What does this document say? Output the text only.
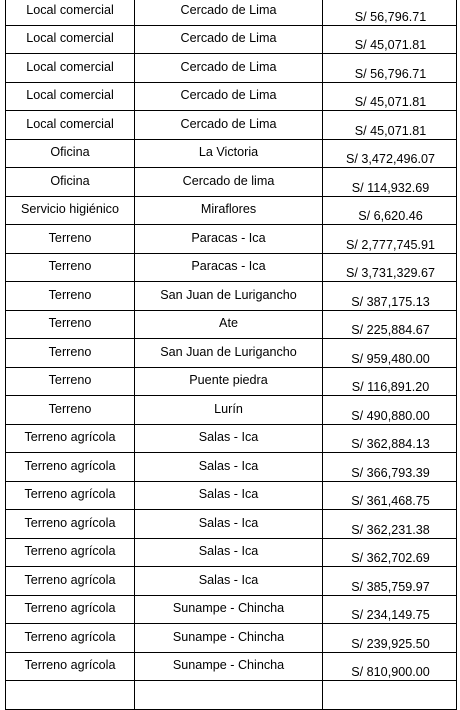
Local comercial	Cercado de Lima	S/ 56,796.71
Local comercial	Cercado de Lima	S/ 45,071.81
Local comercial	Cercado de Lima	S/ 56,796.71
Local comercial	Cercado de Lima	S/ 45,071.81
Local comercial	Cercado de Lima	S/ 45,071.81
Oficina	La Victoria	S/ 3,472,496.07
Oficina	Cercado de lima	S/ 114,932.69
Servicio higiénico	Miraflores	S/ 6,620.46
Terreno	Paracas - Ica	S/ 2,777,745.91
Terreno	Paracas - Ica	S/ 3,731,329.67
Terreno	San Juan de Lurigancho	S/ 387,175.13
Terreno	Ate	S/ 225,884.67
Terreno	San Juan de Lurigancho	S/ 959,480.00
Terreno	Puente piedra	S/ 116,891.20
Terreno	Lurín	S/ 490,880.00
Terreno agrícola	Salas - Ica	S/ 362,884.13
Terreno agrícola	Salas - Ica	S/ 366,793.39
Terreno agrícola	Salas - Ica	S/ 361,468.75
Terreno agrícola	Salas - Ica	S/ 362,231.38
Terreno agrícola	Salas - Ica	S/ 362,702.69
Terreno agrícola	Salas - Ica	S/ 385,759.97
Terreno agrícola	Sunampe - Chincha	S/ 234,149.75
Terreno agrícola	Sunampe - Chincha	S/ 239,925.50
Terreno agrícola	Sunampe - Chincha	S/ 810,900.00
